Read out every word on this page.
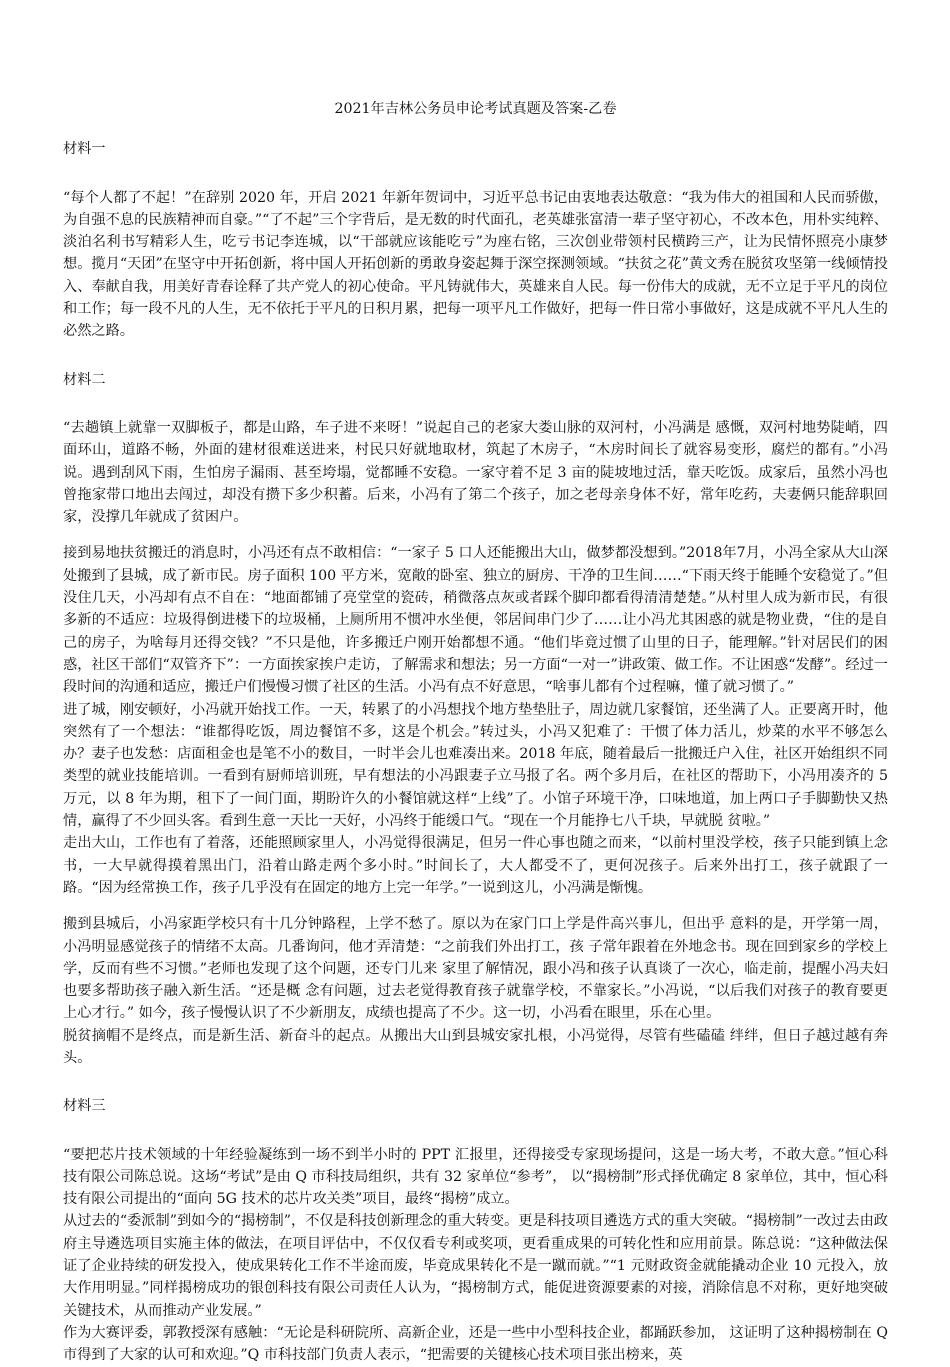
2021年吉林公务员申论考试真题及答案-乙卷
材料一

“每个人都了不起！”在辞别 2020 年，开启 2021 年新年贺词中，习近平总书记由衷地表达敬意：“我为伟大的祖国和人民而骄傲，为自强不息的民族精神而自豪。”“了不起”三个字背后，是无数的时代面孔，老英雄张富清一辈子坚守初心，不改本色，用朴实纯粹、淡泊名利书写精彩人生，吃亏书记李连城，以“干部就应该能吃亏”为座右铭，三次创业带领村民横跨三产，让为民情怀照亮小康梦想。揽月“天团”在坚守中开拓创新，将中国人开拓创新的勇敢身姿起舞于深空探测领域。“扶贫之花”黄文秀在脱贫攻坚第一线倾情投入、奉献自我，用美好青春诠释了共产党人的初心使命。平凡铸就伟大，英雄来自人民。每一份伟大的成就，无不立足于平凡的岗位和工作；每一段不凡的人生，无不依托于平凡的日积月累，把每一项平凡工作做好，把每一件日常小事做好，这是成就不平凡人生的必然之路。

材料二

“去趟镇上就靠一双脚板子，都是山路，车子进不来呀！”说起自己的老家大娄山脉的双河村，小冯满是 感慨，双河村地势陡峭，四面环山，道路不畅，外面的建材很难送进来，村民只好就地取材，筑起了木房子，“木房时间长了就容易变形，腐烂的都有。”小冯说。遇到刮风下雨，生怕房子漏雨、甚至垮塌，觉都睡不安稳。一家守着不足 3 亩的陡坡地过活，靠天吃饭。成家后，虽然小冯也曾拖家带口地出去闯过，却没有攒下多少积蓄。后来，小冯有了第二个孩子，加之老母亲身体不好，常年吃药，夫妻俩只能辞职回家，没撑几年就成了贫困户。

接到易地扶贫搬迁的消息时，小冯还有点不敢相信：“一家子 5 口人还能搬出大山，做梦都没想到。”2018年7月，小冯全家从大山深处搬到了县城，成了新市民。房子面积 100 平方米，宽敞的卧室、独立的厨房、干净的卫生间……“下雨天终于能睡个安稳觉了。”但没住几天，小冯却有点不自在：“地面都铺了亮堂堂的瓷砖，稍微落点灰或者踩个脚印都看得清清楚楚。”从村里人成为新市民，有很多新的不适应：垃圾得倒进楼下的垃圾桶，上厕所用不惯冲水坐便，邻居间串门少了……让小冯尤其困惑的就是物业费，“住的是自己的房子，为啥每月还得交钱？”不只是他，许多搬迁户刚开始都想不通。“他们毕竟过惯了山里的日子，能理解。”针对居民们的困惑，社区干部们“双管齐下”：一方面挨家挨户走访，了解需求和想法；另一方面“一对一”讲政策、做工作。不让困惑“发酵”。经过一段时间的沟通和适应，搬迁户们慢慢习惯了社区的生活。小冯有点不好意思，“啥事儿都有个过程嘛，懂了就习惯了。”

进了城，刚安顿好，小冯就开始找工作。一天，转累了的小冯想找个地方垫垫肚子，周边就几家餐馆，还坐满了人。正要离开时，他突然有了一个想法：“谁都得吃饭，周边餐馆不多，这是个机会。”转过头，小冯又犯难了：干惯了体力活儿，炒菜的水平不够怎么办？妻子也发愁：店面租金也是笔不小的数目，一时半会儿也难凑出来。2018 年底，随着最后一批搬迁户入住，社区开始组织不同类型的就业技能培训。一看到有厨师培训班，早有想法的小冯跟妻子立马报了名。两个多月后，在社区的帮助下，小冯用凑齐的 5 万元，以 8 年为期，租下了一间门面，期盼许久的小餐馆就这样“上线”了。小馆子环境干净，口味地道，加上两口子手脚勤快又热情，赢得了不少回头客。看到生意一天比一天好，小冯终于能缓口气。“现在一个月能挣七八千块，早就脱 贫啦。”

走出大山，工作也有了着落，还能照顾家里人，小冯觉得很满足，但另一件心事也随之而来，“以前村里没学校，孩子只能到镇上念书，一大早就得摸着黑出门，沿着山路走两个多小时。”时间长了，大人都受不了，更何况孩子。后来外出打工，孩子就跟了一路。“因为经常换工作，孩子几乎没有在固定的地方上完一年学。”一说到这儿，小冯满是惭愧。

搬到县城后，小冯家距学校只有十几分钟路程，上学不愁了。原以为在家门口上学是件高兴事儿，但出乎 意料的是，开学第一周，小冯明显感觉孩子的情绪不太高。几番询问，他才弄清楚：“之前我们外出打工，孩 子常年跟着在外地念书。现在回到家乡的学校上学，反而有些不习惯。”老师也发现了这个问题，还专门儿来 家里了解情况，跟小冯和孩子认真谈了一次心，临走前，提醒小冯夫妇也要多帮助孩子融入新生活。“还是概 念有问题，过去老觉得教育孩子就靠学校，不靠家长。”小冯说，“以后我们对孩子的教育要更上心才行。” 如今，孩子慢慢认识了不少新朋友，成绩也提高了不少。这一切，小冯看在眼里，乐在心里。

脱贫摘帽不是终点，而是新生活、新奋斗的起点。从搬出大山到县城安家扎根，小冯觉得，尽管有些磕磕 绊绊，但日子越过越有奔头。

材料三

“要把芯片技术领域的十年经验凝练到一场不到半小时的 PPT 汇报里，还得接受专家现场提问，这是一场大考，不敢大意。”恒心科技有限公司陈总说。这场“考试”是由 Q 市科技局组织，共有 32 家单位“参考”， 以“揭榜制”形式择优确定 8 家单位，其中，恒心科技有限公司提出的“面向 5G 技术的芯片攻关类”项目，最终“揭榜”成立。

从过去的“委派制”到如今的“揭榜制”，不仅是科技创新理念的重大转变。更是科技项目遴选方式的重大突破。“揭榜制”一改过去由政府主导遴选项目实施主体的做法，在项目评估中，不仅仅看专利或奖项，更看重成果的可转化性和应用前景。陈总说：“这种做法保证了企业持续的研发投入，使成果转化工作不半途而废，毕竟成果转化不是一蹴而就。”“1 元财政资金就能撬动企业 10 元投入，放大作用明显。”同样揭榜成功的银创科技有限公司责任人认为，“揭榜制方式，能促进资源要素的对接，消除信息不对称，更好地突破关键技术，从而推动产业发展。”

作为大赛评委，郭教授深有感触：“无论是科研院所、高新企业，还是一些中小型科技企业，都踊跃参加， 这证明了这种揭榜制在 Q 市得到了大家的认可和欢迎。”Q 市科技部门负责人表示，“把需要的关键核心技术项目张出榜来，英
